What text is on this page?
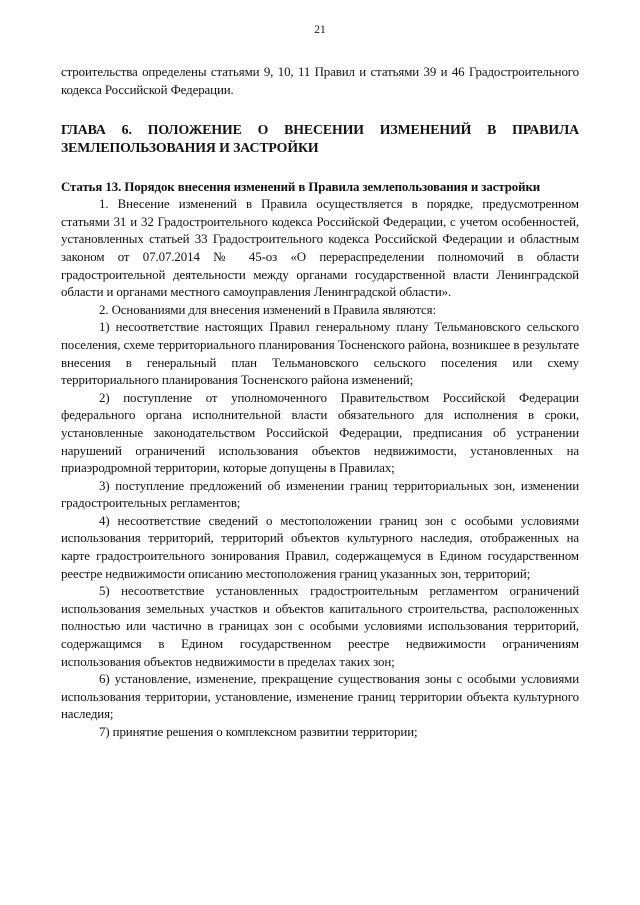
21

строительства определены статьями 9, 10, 11 Правил и статьями 39 и 46 Градостроительного кодекса Российской Федерации.

ГЛАВА 6. ПОЛОЖЕНИЕ О ВНЕСЕНИИ ИЗМЕНЕНИЙ В ПРАВИЛА ЗЕМЛЕПОЛЬЗОВАНИЯ И ЗАСТРОЙКИ

Статья 13. Порядок внесения изменений в Правила землепользования и застройки

1. Внесение изменений в Правила осуществляется в порядке, предусмотренном статьями 31 и 32 Градостроительного кодекса Российской Федерации, с учетом особенностей, установленных статьей 33 Градостроительного кодекса Российской Федерации и областным законом от 07.07.2014 № 45-оз «О перераспределении полномочий в области градостроительной деятельности между органами государственной власти Ленинградской области и органами местного самоуправления Ленинградской области».

2. Основаниями для внесения изменений в Правила являются:

1) несоответствие настоящих Правил генеральному плану Тельмановского сельского поселения, схеме территориального планирования Тосненского района, возникшее в результате внесения в генеральный план Тельмановского сельского поселения или схему территориального планирования Тосненского района изменений;

2) поступление от уполномоченного Правительством Российской Федерации федерального органа исполнительной власти обязательного для исполнения в сроки, установленные законодательством Российской Федерации, предписания об устранении нарушений ограничений использования объектов недвижимости, установленных на приаэродромной территории, которые допущены в Правилах;

3) поступление предложений об изменении границ территориальных зон, изменении градостроительных регламентов;

4) несоответствие сведений о местоположении границ зон с особыми условиями использования территорий, территорий объектов культурного наследия, отображенных на карте градостроительного зонирования Правил, содержащемуся в Едином государственном реестре недвижимости описанию местоположения границ указанных зон, территорий;

5) несоответствие установленных градостроительным регламентом ограничений использования земельных участков и объектов капитального строительства, расположенных полностью или частично в границах зон с особыми условиями использования территорий, содержащимся в Едином государственном реестре недвижимости ограничениям использования объектов недвижимости в пределах таких зон;

6) установление, изменение, прекращение существования зоны с особыми условиями использования территории, установление, изменение границ территории объекта культурного наследия;

7) принятие решения о комплексном развитии территории;
